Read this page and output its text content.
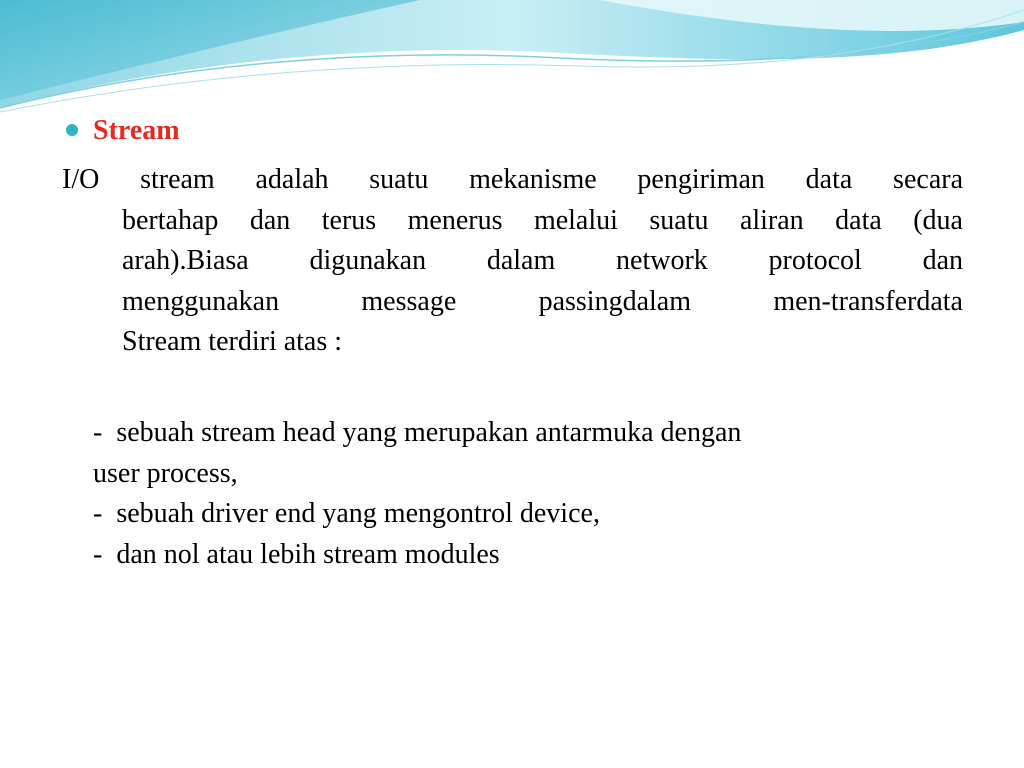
Stream
I/O stream adalah suatu mekanisme pengiriman data secara
bertahap dan terus menerus melalui suatu aliran data (dua
arah).Biasa digunakan dalam network protocol dan
menggunakan message passingdalam men-transferdata
Stream terdiri atas :
-  sebuah stream head yang merupakan antarmuka dengan
user process,
-  sebuah driver end yang mengontrol device,
-  dan nol atau lebih stream modules
